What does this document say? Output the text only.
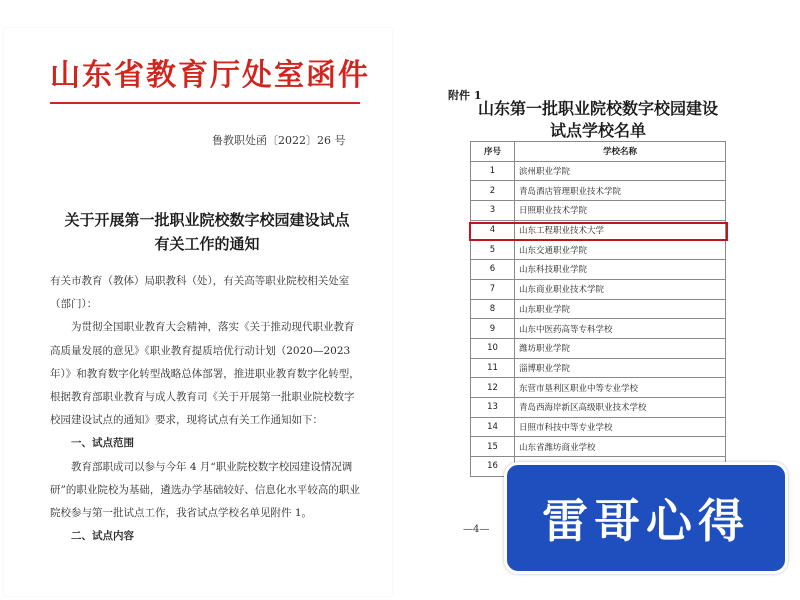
山东省教育厅处室函件
鲁教职处函〔2022〕26 号
关于开展第一批职业院校数字校园建设试点
有关工作的通知

有关市教育（教体）局职教科（处），有关高等职业院校相关处室（部门）：

为贯彻全国职业教育大会精神，落实《关于推动现代职业教育高质量发展的意见》《职业教育提质培优行动计划（2020—2023年）》和教育数字化转型战略总体部署，推进职业教育数字化转型，根据教育部职业教育与成人教育司《关于开展第一批职业院校数字校园建设试点的通知》要求，现将试点有关工作通知如下：

一、试点范围

教育部职成司以参与今年 4 月“职业院校数字校园建设情况调研”的职业院校为基础，遴选办学基础较好、信息化水平较高的职业院校参与第一批试点工作，我省试点学校名单见附件 1。

二、试点内容

附件 1
山东第一批职业院校数字校园建设
试点学校名单
序号	学校名称
1	滨州职业学院
2	青岛酒店管理职业技术学院
3	日照职业技术学院
4	山东工程职业技术大学
5	山东交通职业学院
6	山东科技职业学院
7	山东商业职业技术学院
8	山东职业学院
9	山东中医药高等专科学校
10	潍坊职业学院
11	淄博职业学院
12	东营市垦利区职业中等专业学校
13	青岛西海岸新区高级职业技术学校
14	日照市科技中等专业学校
15	山东省潍坊商业学校
16	
—4— 雷哥心得
